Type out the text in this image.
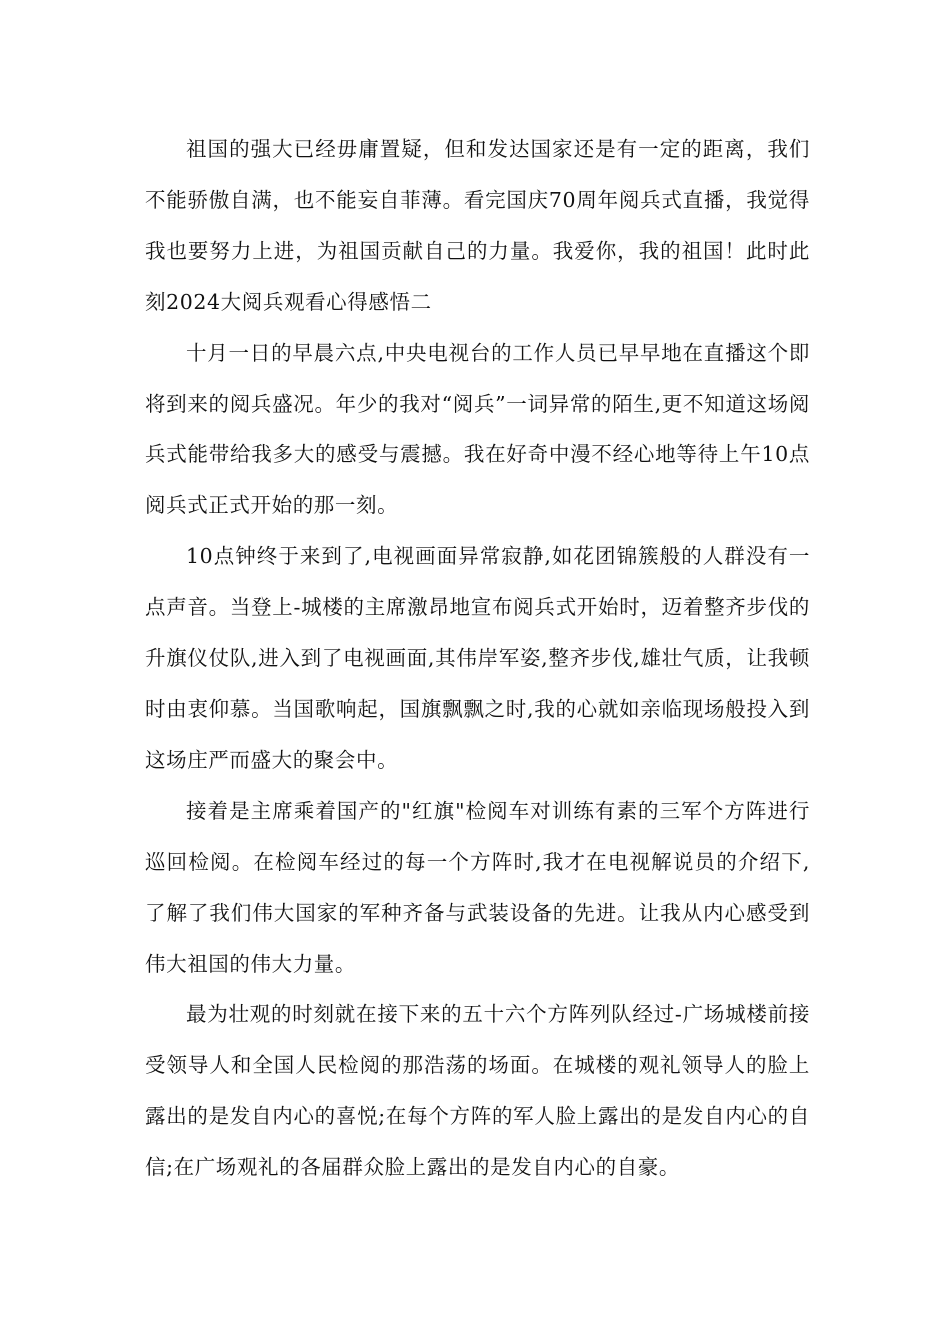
祖国的强大已经毋庸置疑，但和发达国家还是有一定的距离，我们不能骄傲自满，也不能妄自菲薄。看完国庆70周年阅兵式直播，我觉得我也要努力上进，为祖国贡献自己的力量。我爱你，我的祖国！此时此刻2024大阅兵观看心得感悟二

十月一日的早晨六点,中央电视台的工作人员已早早地在直播这个即将到来的阅兵盛况。年少的我对“阅兵”一词异常的陌生,更不知道这场阅兵式能带给我多大的感受与震撼。我在好奇中漫不经心地等待上午10点阅兵式正式开始的那一刻。

10点钟终于来到了,电视画面异常寂静,如花团锦簇般的人群没有一点声音。当登上-城楼的主席激昂地宣布阅兵式开始时，迈着整齐步伐的升旗仪仗队,进入到了电视画面,其伟岸军姿,整齐步伐,雄壮气质，让我顿时由衷仰慕。当国歌响起，国旗飘飘之时,我的心就如亲临现场般投入到这场庄严而盛大的聚会中。

接着是主席乘着国产的"红旗"检阅车对训练有素的三军个方阵进行巡回检阅。在检阅车经过的每一个方阵时,我才在电视解说员的介绍下,了解了我们伟大国家的军种齐备与武装设备的先进。让我从内心感受到伟大祖国的伟大力量。

最为壮观的时刻就在接下来的五十六个方阵列队经过-广场城楼前接受领导人和全国人民检阅的那浩荡的场面。在城楼的观礼领导人的脸上露出的是发自内心的喜悦;在每个方阵的军人脸上露出的是发自内心的自信;在广场观礼的各届群众脸上露出的是发自内心的自豪。
